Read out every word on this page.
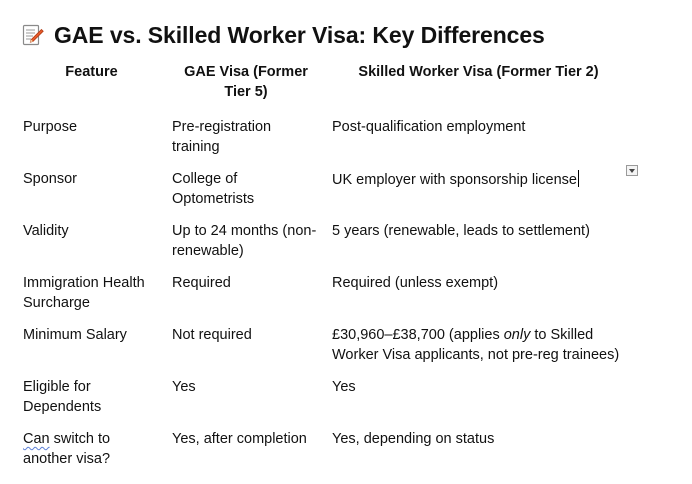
GAE vs. Skilled Worker Visa: Key Differences
Feature	GAE Visa (Former Tier 5)	Skilled Worker Visa (Former Tier 2)
Purpose	Pre-registration training	Post-qualification employment
Sponsor	College of Optometrists	UK employer with sponsorship license
Validity	Up to 24 months (non-renewable)	5 years (renewable, leads to settlement)
Immigration Health Surcharge	Required	Required (unless exempt)
Minimum Salary	Not required	£30,960–£38,700 (applies only to Skilled Worker Visa applicants, not pre-reg trainees)
Eligible for Dependents	Yes	Yes
Can switch to another visa?	Yes, after completion	Yes, depending on status
